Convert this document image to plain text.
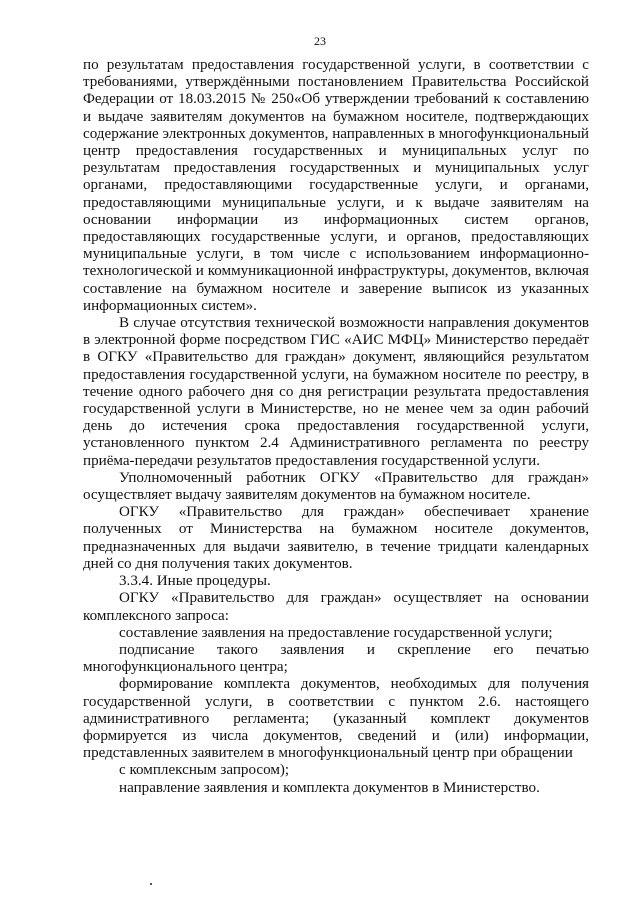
23

по результатам предоставления государственной услуги, в соответствии с требованиями, утверждёнными постановлением Правительства Российской Федерации от 18.03.2015 № 250«Об утверждении требований к составлению и выдаче заявителям документов на бумажном носителе, подтверждающих содержание электронных документов, направленных в многофункциональный центр предоставления государственных и муниципальных услуг по результатам предоставления государственных и муниципальных услуг органами, предоставляющими государственные услуги, и органами, предоставляющими муниципальные услуги, и к выдаче заявителям на основании информации из информационных систем органов, предоставляющих государственные услуги, и органов, предоставляющих муниципальные услуги, в том числе с использованием информационно-технологической и коммуникационной инфраструктуры, документов, включая составление на бумажном носителе и заверение выписок из указанных информационных систем».

В случае отсутствия технической возможности направления документов в электронной форме посредством ГИС «АИС МФЦ» Министерство передаёт в ОГКУ «Правительство для граждан» документ, являющийся результатом предоставления государственной услуги, на бумажном носителе по реестру, в течение одного рабочего дня со дня регистрации результата предоставления государственной услуги в Министерстве, но не менее чем за один рабочий день до истечения срока предоставления государственной услуги, установленного пунктом 2.4 Административного регламента по реестру приёма-передачи результатов предоставления государственной услуги.

Уполномоченный работник ОГКУ «Правительство для граждан» осуществляет выдачу заявителям документов на бумажном носителе.

ОГКУ «Правительство для граждан» обеспечивает хранение полученных от Министерства на бумажном носителе документов, предназначенных для выдачи заявителю, в течение тридцати календарных дней со дня получения таких документов.

3.3.4. Иные процедуры.

ОГКУ «Правительство для граждан» осуществляет на основании комплексного запроса:

составление заявления на предоставление государственной услуги;

подписание такого заявления и скрепление его печатью многофункционального центра;

формирование комплекта документов, необходимых для получения государственной услуги, в соответствии с пунктом 2.6. настоящего административного регламента; (указанный комплект документов формируется из числа документов, сведений и (или) информации, представленных заявителем в многофункциональный центр при обращении

с комплексным запросом);

направление заявления и комплекта документов в Министерство.
